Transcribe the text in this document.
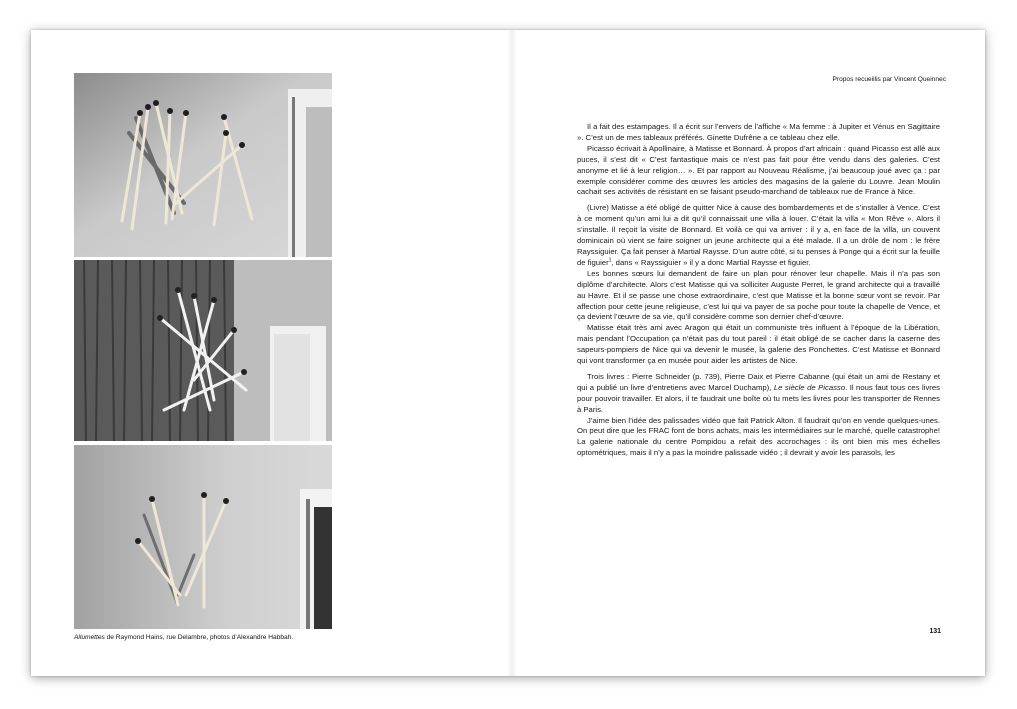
Allumettes de Raymond Hains, rue Delambre, photos d’Alexandre Habbah.
Propos recueillis par Vincent Queinnec

Il a fait des estampages. Il a écrit sur l’envers de l’affiche « Ma femme : à Jupiter et Vénus en Sagittaire ». C’est un de mes tableaux préférés. Ginette Dufrêne a ce tableau chez elle.

Picasso écrivait à Apollinaire, à Matisse et Bonnard. À propos d’art africain : quand Picasso est allé aux puces, il s’est dit « C’est fantastique mais ce n’est pas fait pour être vendu dans des galeries. C’est anonyme et lié à leur religion… ». Et par rapport au Nouveau Réalisme, j’ai beaucoup joué avec ça : par exemple considérer comme des œuvres les articles des magasins de la galerie du Louvre. Jean Moulin cachait ses activités de résistant en se faisant pseudo-marchand de tableaux rue de France à Nice.

(Livre) Matisse a été obligé de quitter Nice à cause des bombardements et de s’installer à Vence. C’est à ce moment qu’un ami lui a dit qu’il connaissait une villa à louer. C’était la villa « Mon Rêve ». Alors il s’installe. Il reçoit la visite de Bonnard. Et voilà ce qui va arriver : il y a, en face de la villa, un couvent dominicain où vient se faire soigner un jeune architecte qui a été malade. Il a un drôle de nom : le frère Rayssiguier. Ça fait penser à Martial Raysse. D’un autre côté, si tu penses à Ponge qui a écrit sur la feuille de figuier$^1$, dans « Rayssiguier » il y a donc Martial Raysse et figuier.

Les bonnes sœurs lui demandent de faire un plan pour rénover leur chapelle. Mais il n’a pas son diplôme d’architecte. Alors c’est Matisse qui va solliciter Auguste Perret, le grand architecte qui a travaillé au Havre. Et il se passe une chose extraordinaire, c’est que Matisse et la bonne sœur vont se revoir. Par affection pour cette jeune religieuse, c’est lui qui va payer de sa poche pour toute la chapelle de Vence, et ça devient l’œuvre de sa vie, qu’il considère comme son dernier chef-d’œuvre.

Matisse était très ami avec Aragon qui était un communiste très influent à l’époque de la Libération, mais pendant l’Occupation ça n’était pas du tout pareil : il était obligé de se cacher dans la caserne des sapeurs-pompiers de Nice qui va devenir le musée, la galerie des Ponchettes. C’est Matisse et Bonnard qui vont transformer ça en musée pour aider les artistes de Nice.

Trois livres : Pierre Schneider (p. 739), Pierre Daix et Pierre Cabanne (qui était un ami de Restany et qui a publié un livre d’entretiens avec Marcel Duchamp), Le siècle de Picasso. Il nous faut tous ces livres pour pouvoir travailler. Et alors, il te faudrait une boîte où tu mets les livres pour les transporter de Rennes à Paris.

J’aime bien l’idée des palissades vidéo que fait Patrick Alton. Il faudrait qu’on en vende quelques-unes. On peut dire que les FRAC font de bons achats, mais les intermédiaires sur le marché, quelle catastrophe! La galerie nationale du centre Pompidou a refait des accrochages : ils ont bien mis mes échelles optométriques, mais il n’y a pas la moindre palissade vidéo ; il devrait y avoir les parasols, les

131
